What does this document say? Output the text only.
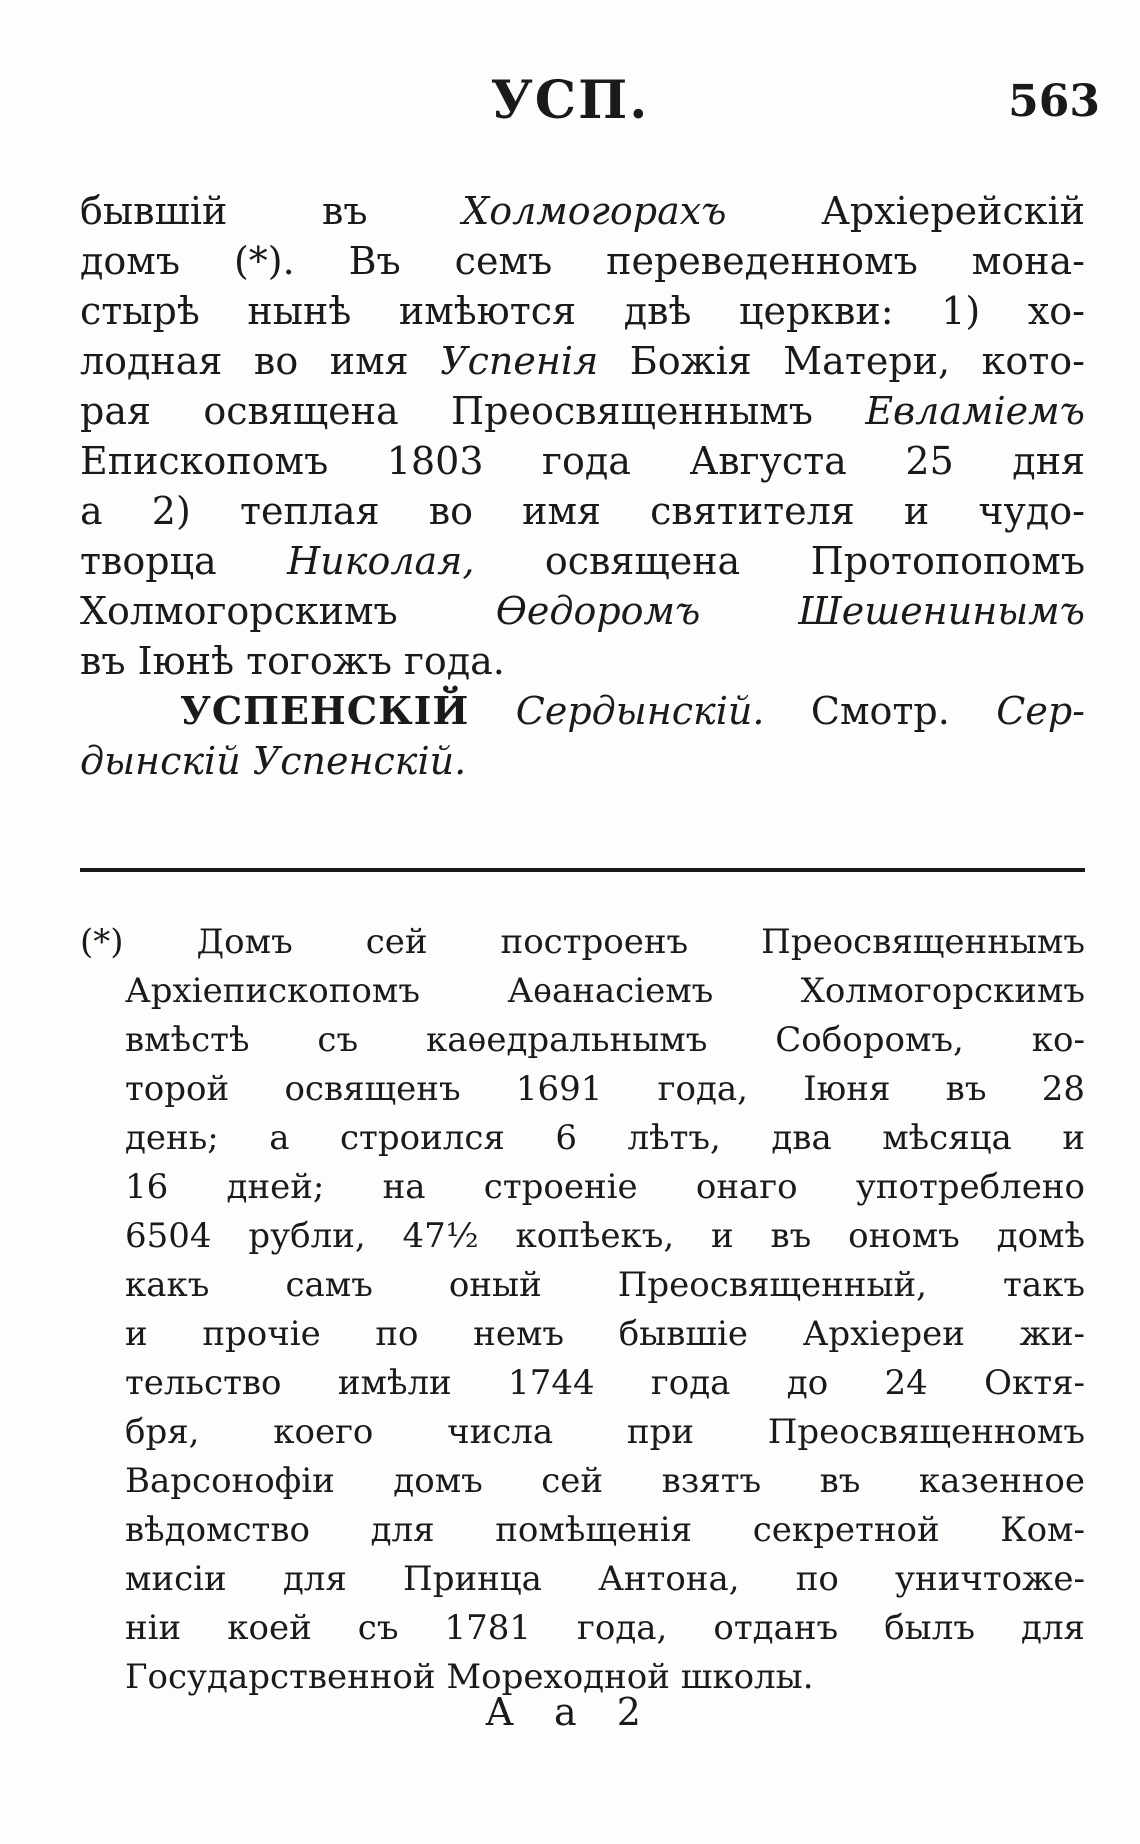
УСП.	563
бывшій въ Холмогорахъ Архіерейскій
домъ (*). Въ семъ переведенномъ мона-
стырѣ нынѣ имѣются двѣ церкви: 1) хо-
лодная во имя Успенія Божія Матери, кото-
рая освящена Преосвященнымъ Евламіемъ
Епископомъ 1803 года Августа 25 дня
а 2) теплая во имя святителя и чудо-
творца Николая, освящена Протопопомъ
Холмогорскимъ Ѳедоромъ Шешенинымъ
въ Іюнѣ тогожъ года.
УСПЕНСКІЙ Сердынскій. Смотр. Сер-
дынскій Успенскій.
(*) Домъ сей построенъ Преосвященнымъ
Архіепископомъ Аѳанасіемъ Холмогорскимъ
вмѣстѣ съ каѳедральнымъ Соборомъ, ко-
торой освященъ 1691 года, Іюня въ 28
день; а строился 6 лѣтъ, два мѣсяца и
16 дней; на строеніе онаго употреблено
6504 рубли, 47½ копѣекъ, и въ ономъ домѣ
какъ самъ оный Преосвященный, такъ
и прочіе по немъ бывшіе Архіереи жи-
тельство имѣли 1744 года до 24 Октя-
бря, коего числа при Преосвященномъ
Варсонофіи домъ сей взятъ въ казенное
вѣдомство для помѣщенія секретной Ком-
мисіи для Принца Антона, по уничтоже-
ніи коей съ 1781 года, отданъ былъ для
Государственной Мореходной школы.
А а 2
